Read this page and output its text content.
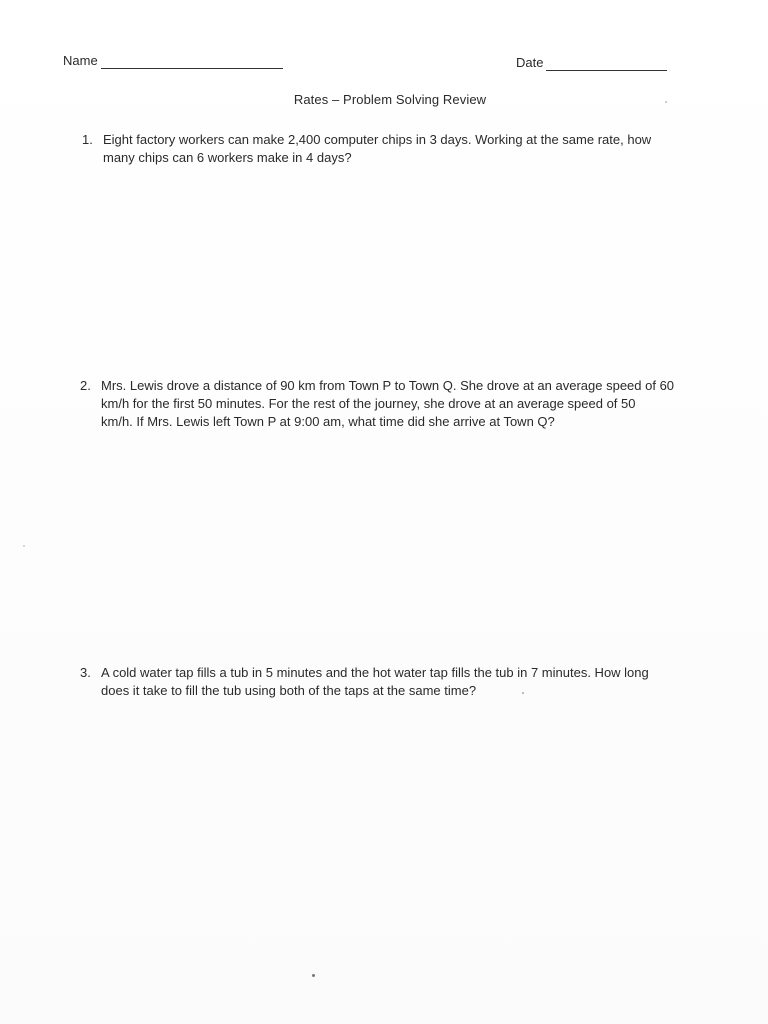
Name	Date
Rates – Problem Solving Review
1. Eight factory workers can make 2,400 computer chips in 3 days. Working at the same rate, how
many chips can 6 workers make in 4 days?
2. Mrs. Lewis drove a distance of 90 km from Town P to Town Q. She drove at an average speed of 60
km/h for the first 50 minutes. For the rest of the journey, she drove at an average speed of 50
km/h. If Mrs. Lewis left Town P at 9:00 am, what time did she arrive at Town Q?
3. A cold water tap fills a tub in 5 minutes and the hot water tap fills the tub in 7 minutes. How long
does it take to fill the tub using both of the taps at the same time?
